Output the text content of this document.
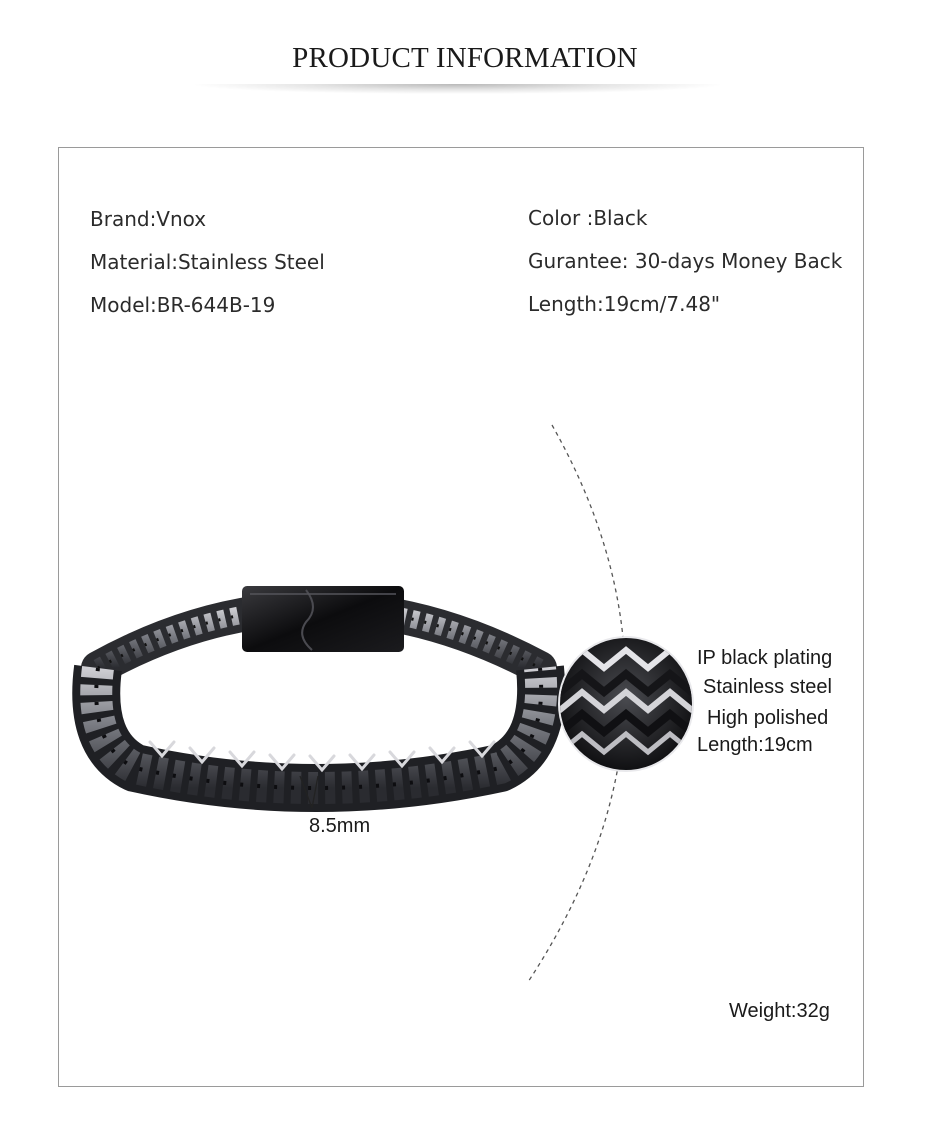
PRODUCT INFORMATION
Brand:Vnox
Material:Stainless Steel
Model:BR-644B-19
Color :Black
Gurantee: 30-days Money Back
Length:19cm/7.48"
8.5mm
IP black plating
Stainless steel
High polished
Length:19cm
Weight:32g
